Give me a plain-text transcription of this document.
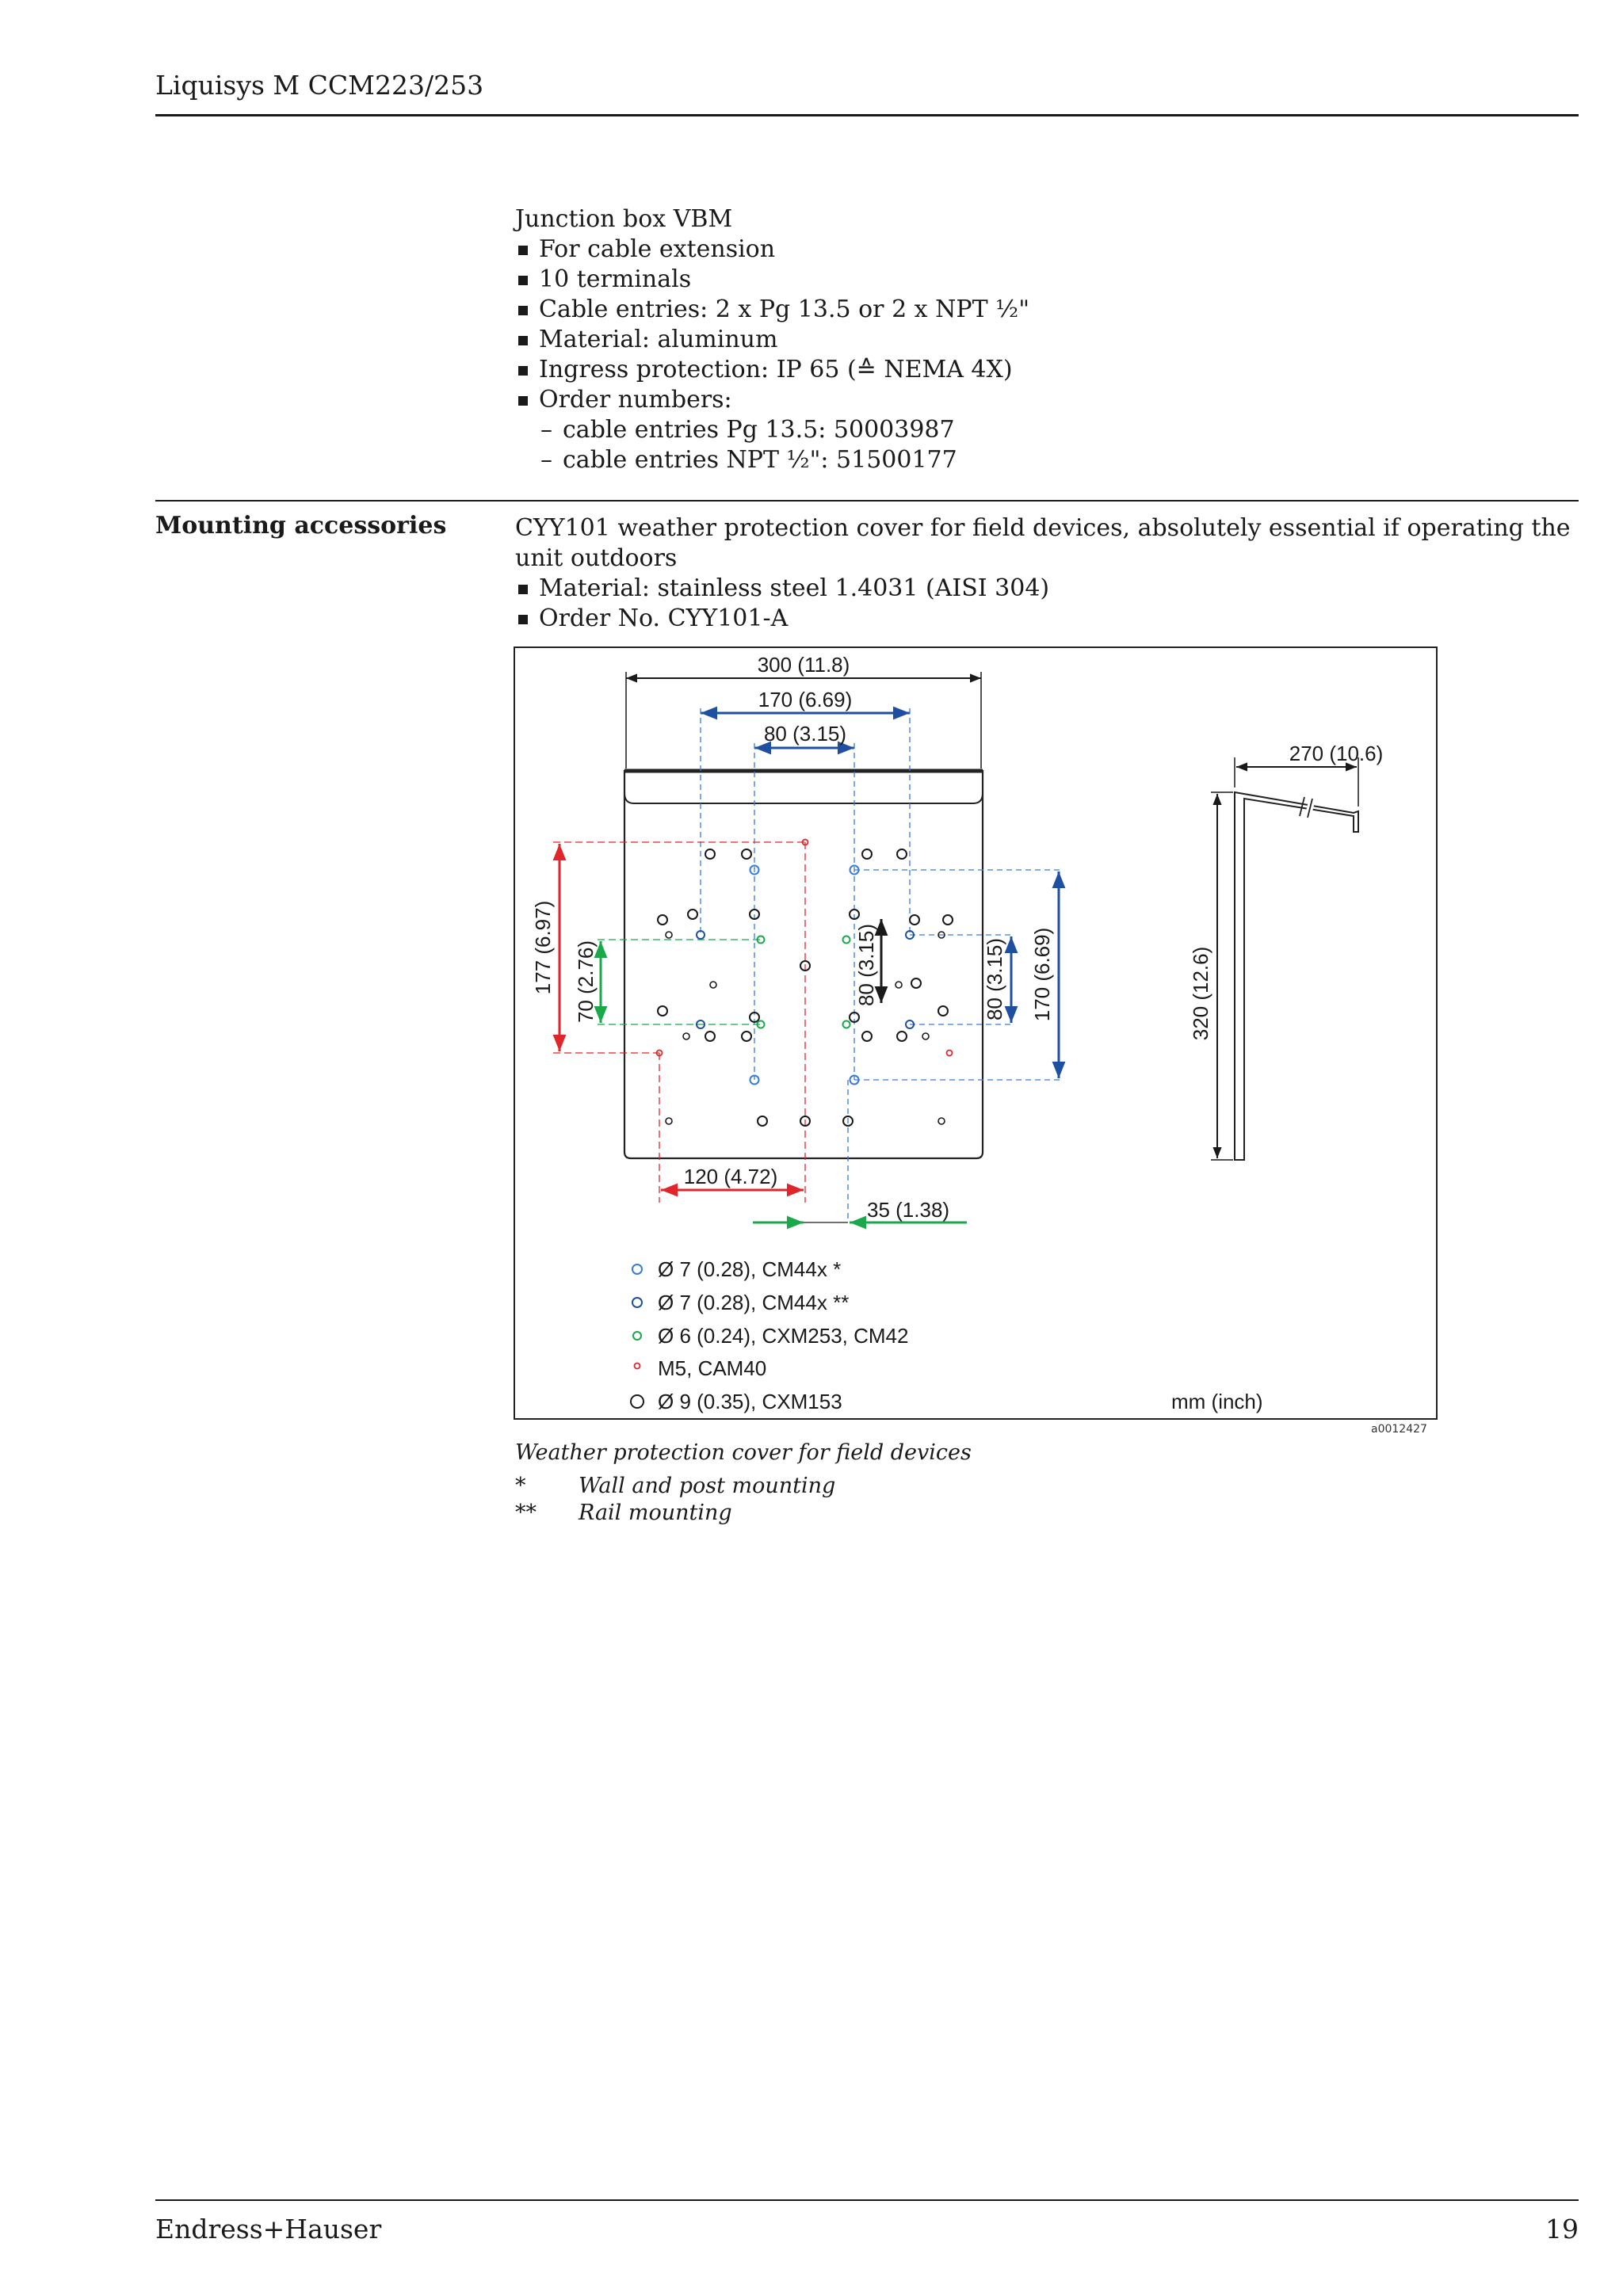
Liquisys M CCM223/253
Junction box VBM
For cable extension
10 terminals
Cable entries: 2 x Pg 13.5 or 2 x NPT ½"
Material: aluminum
Ingress protection: IP 65 (≙ NEMA 4X)
Order numbers:
– cable entries Pg 13.5: 50003987
– cable entries NPT ½": 51500177
Mounting accessories	CYY101 weather protection cover for field devices, absolutely essential if operating the unit outdoors
Material: stainless steel 1.4031 (AISI 304)
Order No. CYY101-A
300 (11.8)
170 (6.69)
80 (3.15)
177 (6.97) 70 (2.76)	80 (3.15)	80 (3.15) 170 (6.69)
120 (4.72)
35 (1.38)
270 (10.6)
320 (12.6)
Ø 7 (0.28), CM44x *
Ø 7 (0.28), CM44x **
Ø 6 (0.24), CXM253, CM42
M5, CAM40
Ø 9 (0.35), CXM153	mm (inch)
a0012427
Weather protection cover for field devices
* Wall and post mounting
** Rail mounting
Endress+Hauser	19
